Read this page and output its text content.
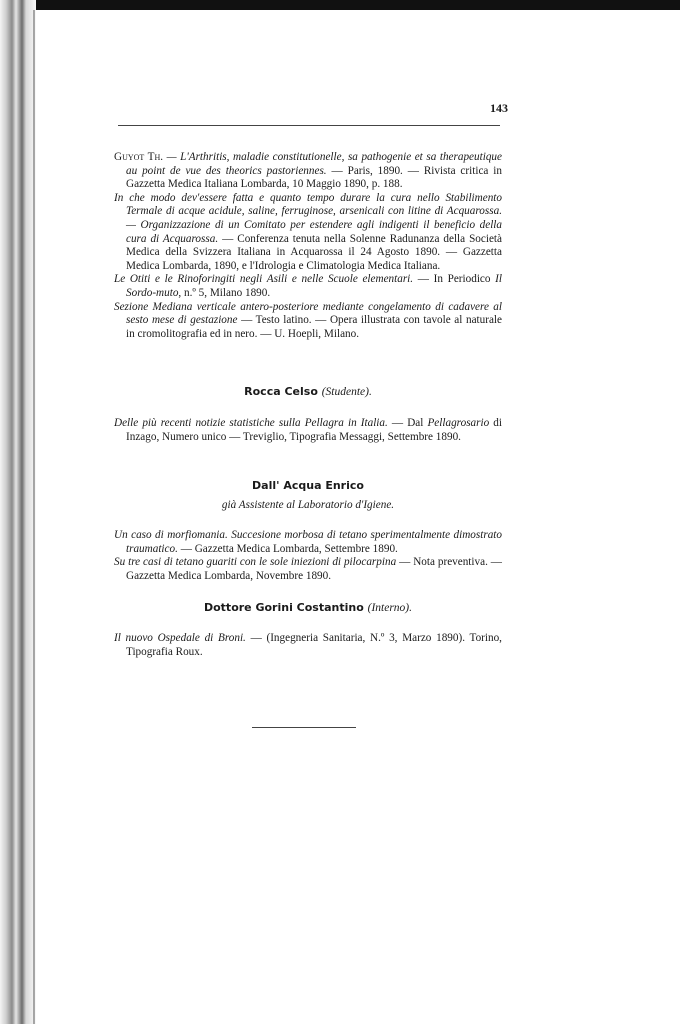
143

Guyot Th. — L'Arthritis, maladie constitutionelle, sa pathogenie et sa therapeutique au point de vue des theorics pastoriennes. — Paris, 1890. — Rivista critica in Gazzetta Medica Italiana Lombarda, 10 Maggio 1890, p. 188.

In che modo dev'essere fatta e quanto tempo durare la cura nello Stabilimento Termale di acque acidule, saline, ferruginose, arsenicali con litine di Acquarossa. — Organizzazione di un Comitato per estendere agli indigenti il beneficio della cura di Acquarossa. — Conferenza tenuta nella Solenne Radunanza della Società Medica della Svizzera Italiana in Acquarossa il 24 Agosto 1890. — Gazzetta Medica Lombarda, 1890, e l'Idrologia e Climatologia Medica Italiana.

Le Otiti e le Rinoforingiti negli Asili e nelle Scuole elementari. — In Periodico Il Sordo-muto, n.º 5, Milano 1890.

Sezione Mediana verticale antero-posteriore mediante congelamento di cadavere al sesto mese di gestazione — Testo latino. — Opera illustrata con tavole al naturale in cromolitografia ed in nero. — U. Hoepli, Milano.

Rocca Celso (Studente).

Delle più recenti notizie statistiche sulla Pellagra in Italia. — Dal Pellagrosario di Inzago, Numero unico — Treviglio, Tipografia Messaggi, Settembre 1890.

Dall' Acqua Enrico
già Assistente al Laboratorio d'Igiene.

Un caso di morfiomania. Succesione morbosa di tetano sperimentalmente dimostrato traumatico. — Gazzetta Medica Lombarda, Settembre 1890.

Su tre casi di tetano guariti con le sole iniezioni di pilocarpina — Nota preventiva. — Gazzetta Medica Lombarda, Novembre 1890.

Dottore Gorini Costantino (Interno).

Il nuovo Ospedale di Broni. — (Ingegneria Sanitaria, N.º 3, Marzo 1890). Torino, Tipografia Roux.
